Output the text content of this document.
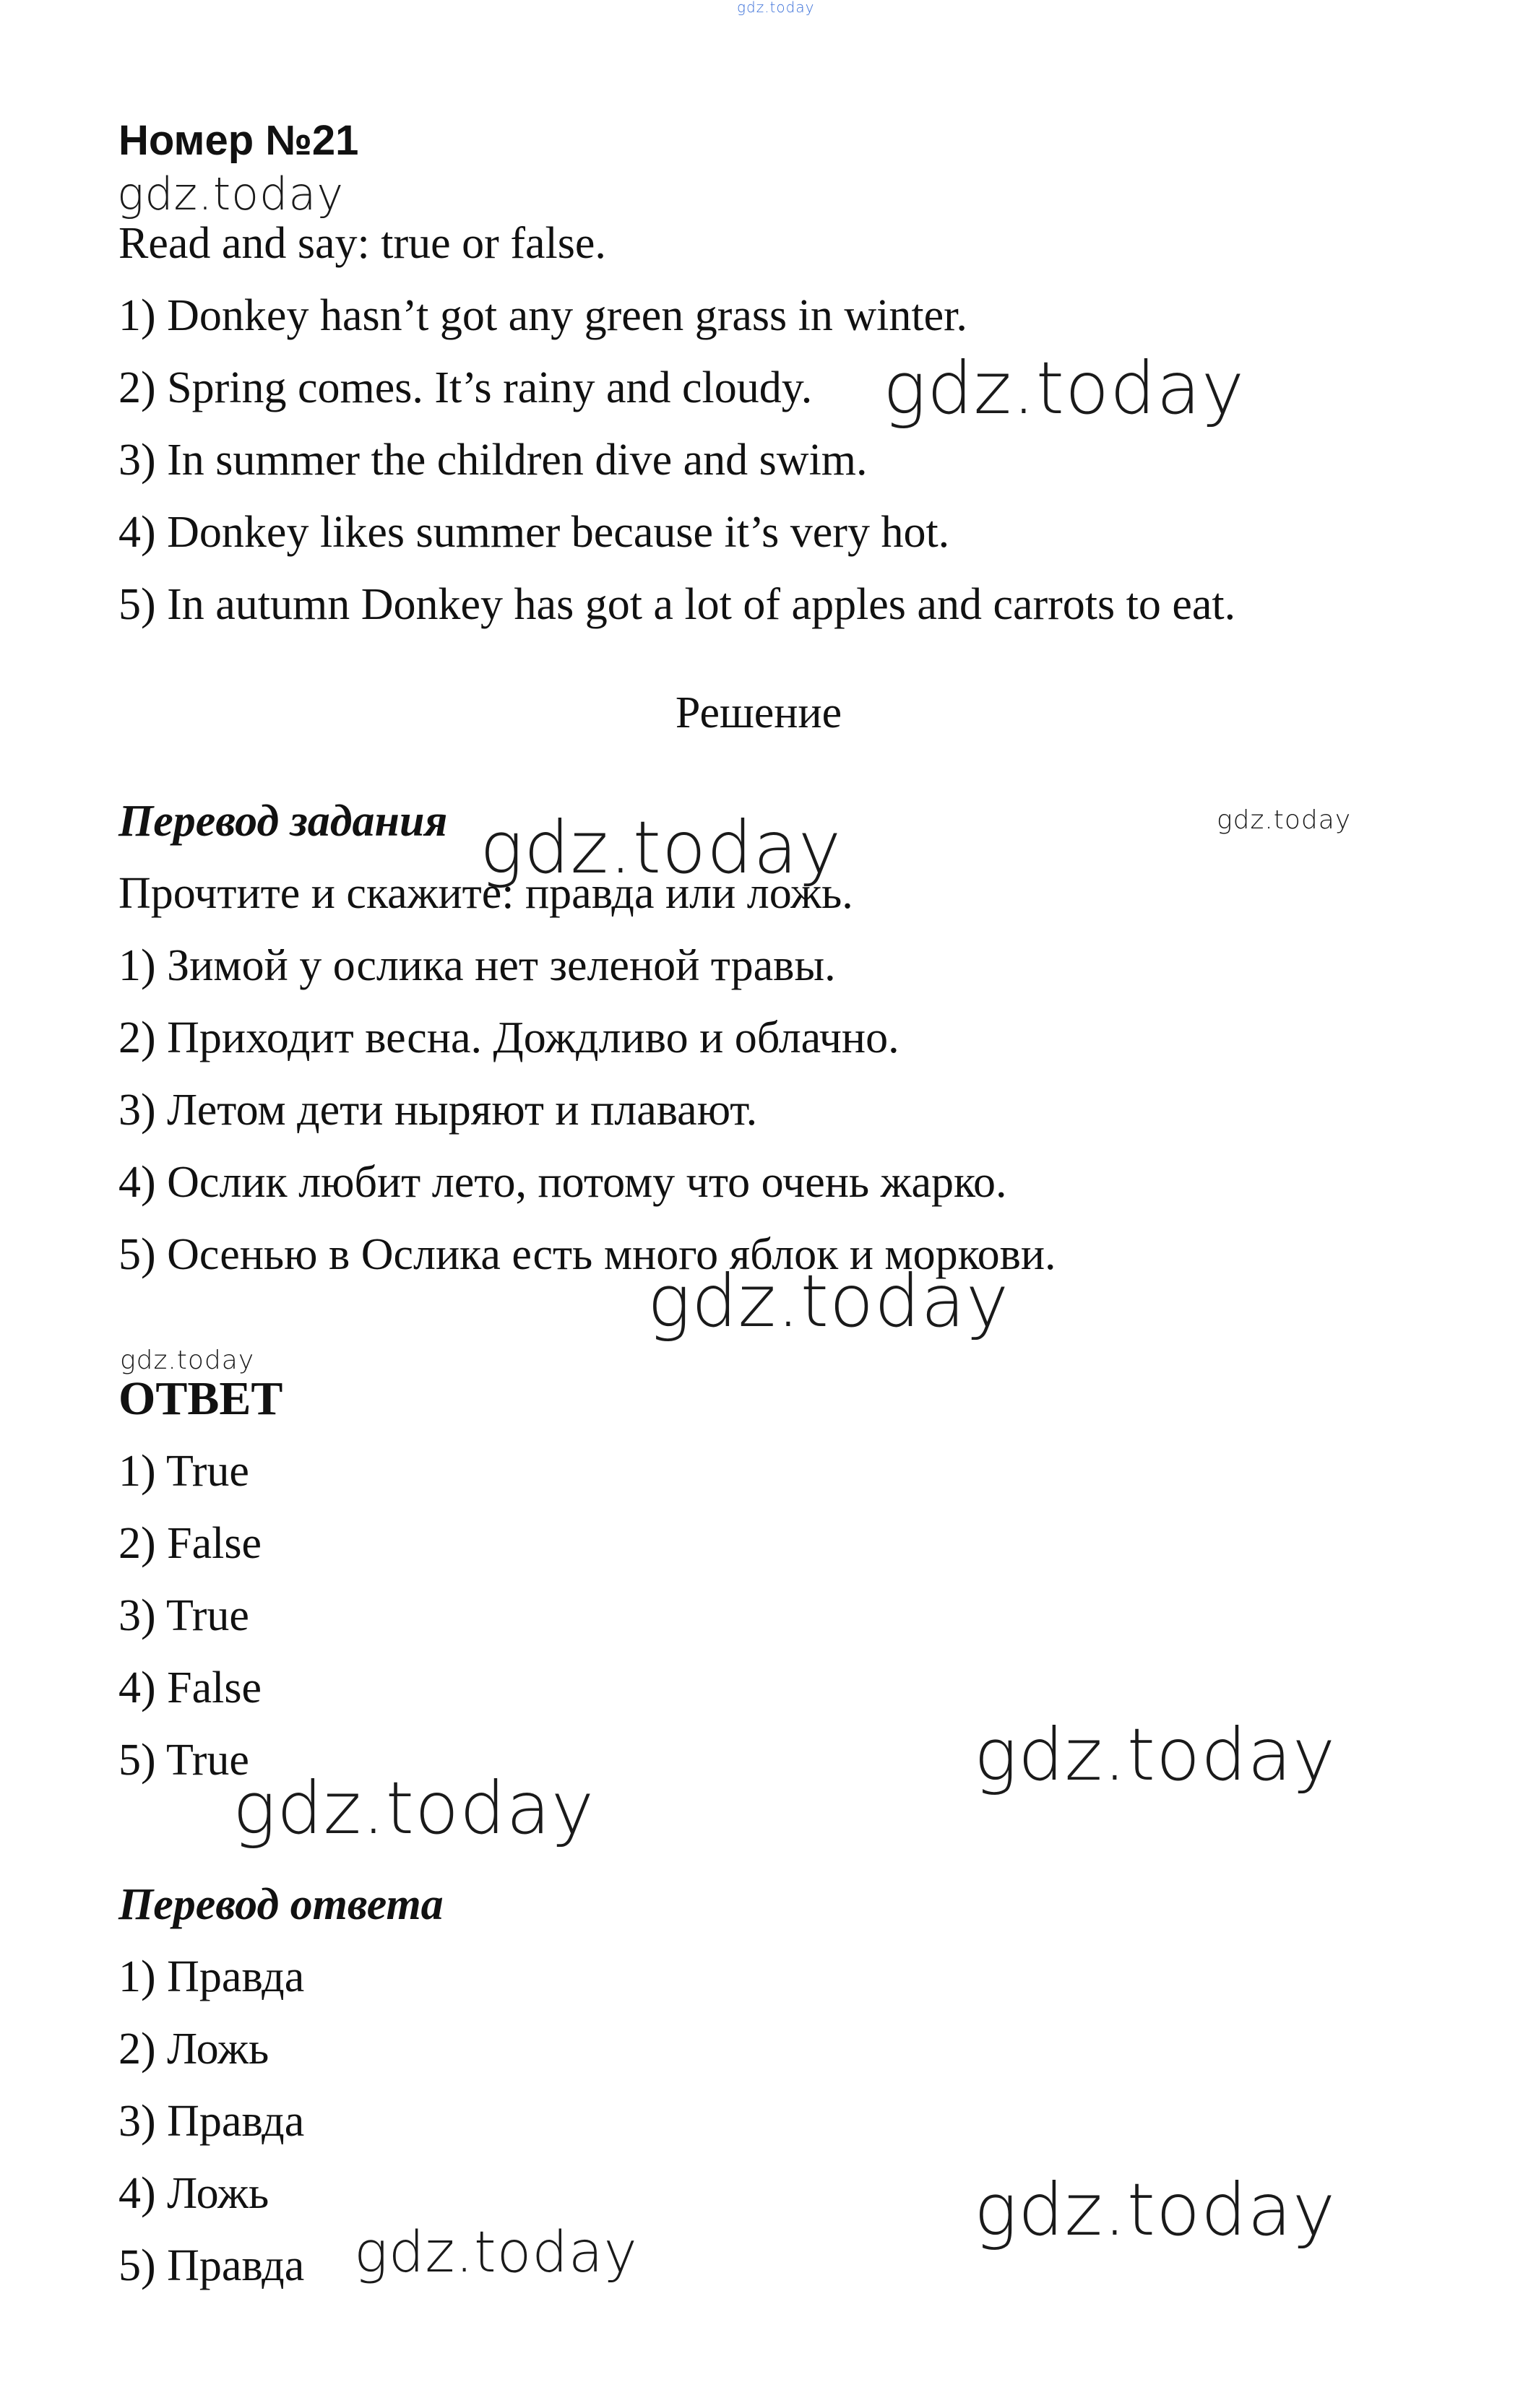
Номер №21
Read and say: true or false.
1) Donkey hasn’t got any green grass in winter.
2) Spring comes. It’s rainy and cloudy.
3) In summer the children dive and swim.
4) Donkey likes summer because it’s very hot.
5) In autumn Donkey has got a lot of apples and carrots to eat.
Решение
Перевод задания
Прочтите и скажите: правда или ложь.
1) Зимой у ослика нет зеленой травы.
2) Приходит весна. Дождливо и облачно.
3) Летом дети ныряют и плавают.
4) Ослик любит лето, потому что очень жарко.
5) Осенью в Ослика есть много яблок и моркови.
ОТВЕТ
1) True
2) False
3) True
4) False
5) True
Перевод ответа
1) Правда
2) Ложь
3) Правда
4) Ложь
5) Правда
gdz.today
gdz.today
gdz.today
gdz.today	gdz.today
gdz.today
gdz.today
gdz.today
gdz.today
gdz.today
gdz.today
